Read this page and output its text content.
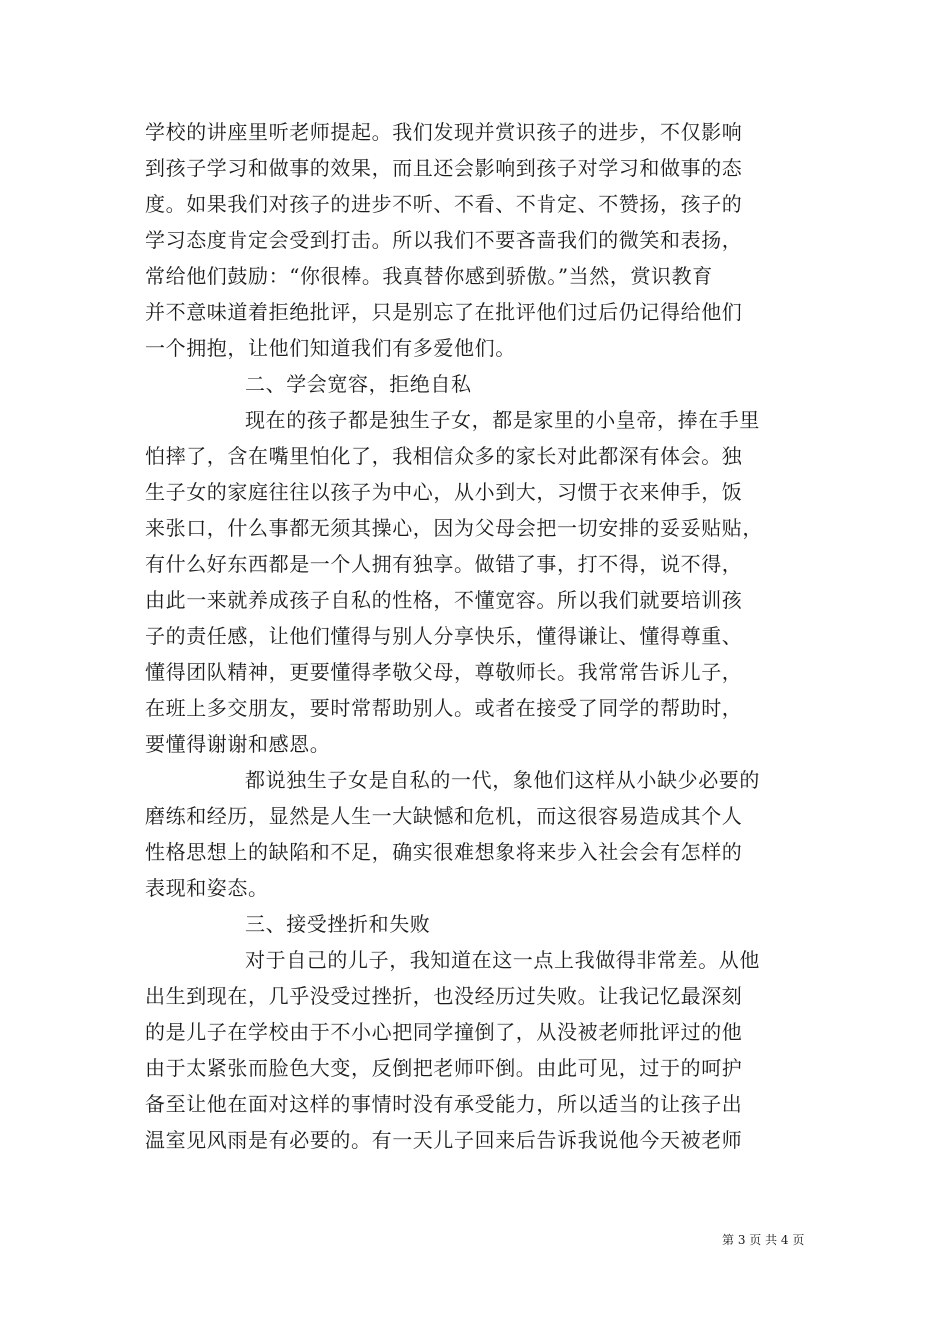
学校的讲座里听老师提起。我们发现并赏识孩子的进步，不仅影响
到孩子学习和做事的效果，而且还会影响到孩子对学习和做事的态
度。如果我们对孩子的进步不听、不看、不肯定、不赞扬，孩子的
学习态度肯定会受到打击。所以我们不要吝啬我们的微笑和表扬，
常给他们鼓励：“你很棒。我真替你感到骄傲。”当然，赏识教育
并不意味道着拒绝批评，只是别忘了在批评他们过后仍记得给他们
一个拥抱，让他们知道我们有多爱他们。
二、学会宽容，拒绝自私
现在的孩子都是独生子女，都是家里的小皇帝，捧在手里
怕摔了，含在嘴里怕化了，我相信众多的家长对此都深有体会。独
生子女的家庭往往以孩子为中心，从小到大，习惯于衣来伸手，饭
来张口，什么事都无须其操心，因为父母会把一切安排的妥妥贴贴，
有什么好东西都是一个人拥有独享。做错了事，打不得，说不得，
由此一来就养成孩子自私的性格，不懂宽容。所以我们就要培训孩
子的责任感，让他们懂得与别人分享快乐，懂得谦让、懂得尊重、
懂得团队精神，更要懂得孝敬父母，尊敬师长。我常常告诉儿子，
在班上多交朋友，要时常帮助别人。或者在接受了同学的帮助时，
要懂得谢谢和感恩。
都说独生子女是自私的一代，象他们这样从小缺少必要的
磨练和经历，显然是人生一大缺憾和危机，而这很容易造成其个人
性格思想上的缺陷和不足，确实很难想象将来步入社会会有怎样的
表现和姿态。
三、接受挫折和失败
对于自己的儿子，我知道在这一点上我做得非常差。从他
出生到现在，几乎没受过挫折，也没经历过失败。让我记忆最深刻
的是儿子在学校由于不小心把同学撞倒了，从没被老师批评过的他
由于太紧张而脸色大变，反倒把老师吓倒。由此可见，过于的呵护
备至让他在面对这样的事情时没有承受能力，所以适当的让孩子出
温室见风雨是有必要的。有一天儿子回来后告诉我说他今天被老师
第 3 页 共 4 页
